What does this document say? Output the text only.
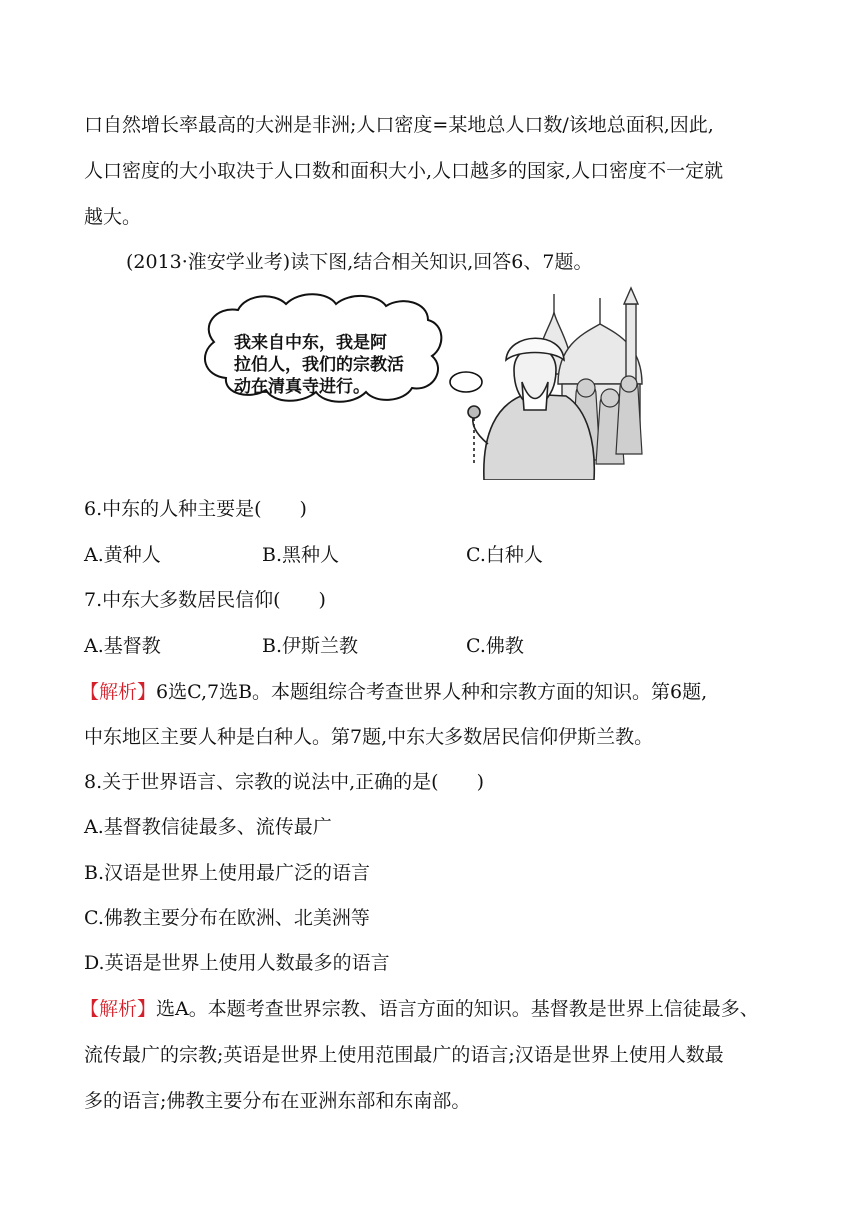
口自然增长率最高的大洲是非洲;人口密度=某地总人口数/该地总面积,因此,
人口密度的大小取决于人口数和面积大小,人口越多的国家,人口密度不一定就
越大。
(2013·淮安学业考)读下图,结合相关知识,回答6、7题。
我来自中东，我是阿
拉伯人，我们的宗教活
动在清真寺进行。
6.中东的人种主要是(　　)
A.黄种人	B.黑种人	C.白种人
7.中东大多数居民信仰(　　)
A.基督教	B.伊斯兰教	C.佛教
【解析】6选C,7选B。本题组综合考查世界人种和宗教方面的知识。第6题,
中东地区主要人种是白种人。第7题,中东大多数居民信仰伊斯兰教。
8.关于世界语言、宗教的说法中,正确的是(　　)
A.基督教信徒最多、流传最广
B.汉语是世界上使用最广泛的语言
C.佛教主要分布在欧洲、北美洲等
D.英语是世界上使用人数最多的语言
【解析】选A。本题考查世界宗教、语言方面的知识。基督教是世界上信徒最多、
流传最广的宗教;英语是世界上使用范围最广的语言;汉语是世界上使用人数最
多的语言;佛教主要分布在亚洲东部和东南部。
